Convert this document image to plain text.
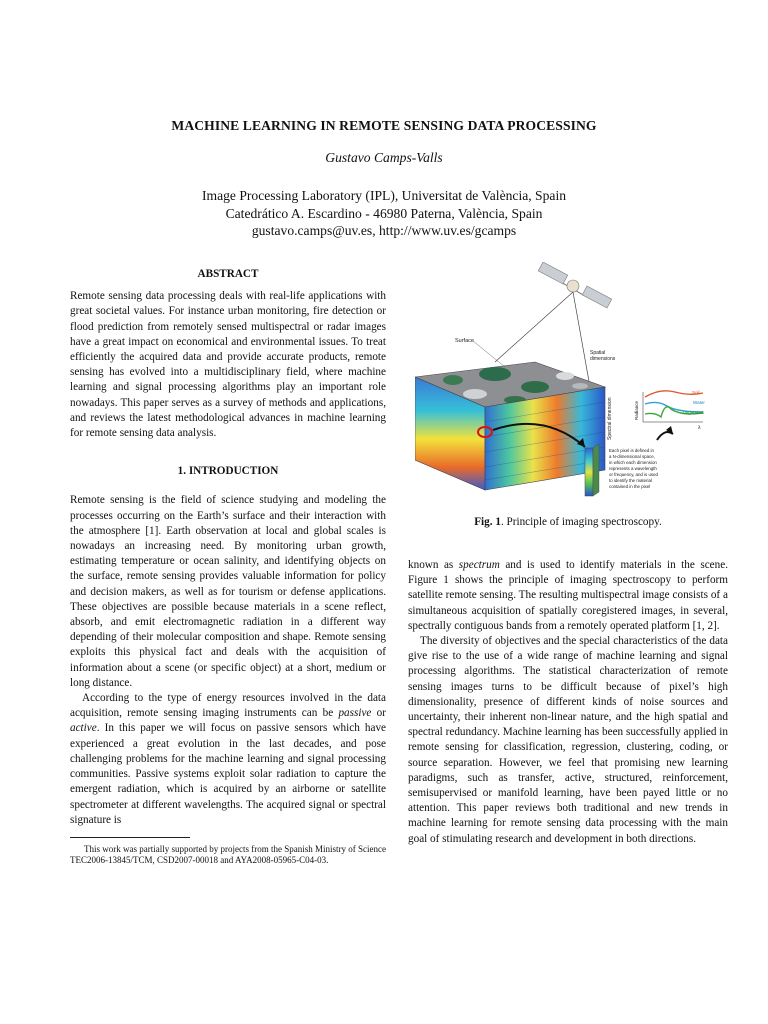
MACHINE LEARNING IN REMOTE SENSING DATA PROCESSING
Gustavo Camps-Valls
Image Processing Laboratory (IPL), Universitat de València, Spain
Catedrático A. Escardino - 46980 Paterna, València, Spain
gustavo.camps@uv.es, http://www.uv.es/gcamps
ABSTRACT

Remote sensing data processing deals with real-life applications with great societal values. For instance urban monitoring, fire detection or flood prediction from remotely sensed multispectral or radar images have a great impact on economical and environmental issues. To treat efficiently the acquired data and provide accurate products, remote sensing has evolved into a multidisciplinary field, where machine learning and signal processing algorithms play an important role nowadays. This paper serves as a survey of methods and applications, and reviews the latest methodological advances in machine learning for remote sensing data analysis.

1. INTRODUCTION

Remote sensing is the field of science studying and modeling the processes occurring on the Earth’s surface and their interaction with the atmosphere [1]. Earth observation at local and global scales is nowadays an increasing need. By monitoring urban growth, estimating temperature or ocean salinity, and identifying objects on the surface, remote sensing provides valuable information for policy and decision makers, as well as for tourism or defense applications. These objectives are possible because materials in a scene reflect, absorb, and emit electromagnetic radiation in a different way depending of their molecular composition and shape. Remote sensing exploits this physical fact and deals with the acquisition of information about a scene (or specific object) at a short, medium or long distance.

According to the type of energy resources involved in the data acquisition, remote sensing imaging instruments can be passive or active. In this paper we will focus on passive sensors which have experienced a great evolution in the last decades, and pose challenging problems for the machine learning and signal processing communities. Passive systems exploit solar radiation to capture the emergent radiation, which is acquired by an airborne or satellite spectrometer at different wavelengths. The acquired signal or spectral signature is

This work was partially supported by projects from the Spanish Ministry of Science TEC2006-13845/TCM, CSD2007-00018 and AYA2008-05965-C04-03.
Surface
Spatial
dimensions
Spectral dimension	Radiance
Soil
Water
Vegetation
λ
Each pixel is defined in
a N-dimensional space,
in which each dimension
represents a wavelength
or frequency, and is used
to identify the material
contained in the pixel
Fig. 1. Principle of imaging spectroscopy.

known as spectrum and is used to identify materials in the scene. Figure 1 shows the principle of imaging spectroscopy to perform satellite remote sensing. The resulting multispectral image consists of a simultaneous acquisition of spatially coregistered images, in several, spectrally contiguous bands from a remotely operated platform [1, 2].

The diversity of objectives and the special characteristics of the data give rise to the use of a wide range of machine learning and signal processing algorithms. The statistical characterization of remote sensing images turns to be difficult because of pixel’s high dimensionality, presence of different kinds of noise sources and uncertainty, their inherent non-linear nature, and the high spatial and spectral redundancy. Machine learning has been successfully applied in remote sensing for classification, regression, clustering, coding, or source separation. However, we feel that promising new learning paradigms, such as transfer, active, structured, reinforcement, semisupervised or manifold learning, have been payed little or no attention. This paper reviews both traditional and new trends in machine learning for remote sensing data processing with the main goal of stimulating research and development in both directions.
